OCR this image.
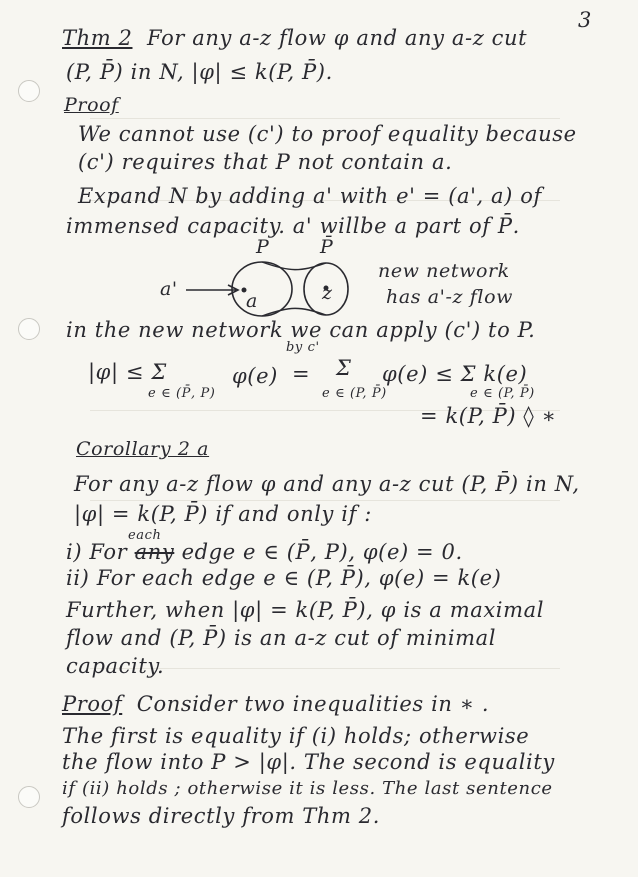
3
Thm 2 For any a-z flow φ and any a-z cut
(P, P̄) in N, |φ| ≤ k(P, P̄).
Proof
We cannot use (c') to proof equality because
(c') requires that P not contain a.
Expand N by adding a' with e' = (a', a) of
immensed capacity. a' willbe a part of P̄.
P	P̄
a'
a	z
new network
has a'-z flow
in the new network we can apply (c') to P.
by c'
|φ| ≤ Σ
e ∈ (P̄, P)
φ(e) = Σ
e ∈ (P, P̄)
φ(e) ≤ Σ k(e)
e ∈ (P, P̄)
= k(P, P̄) ◊ ∗
Corollary 2 a
For any a-z flow φ and any a-z cut (P, P̄) in N,
|φ| = k(P, P̄) if and only if :
each
i) For any edge e ∈ (P̄, P), φ(e) = 0.
ii) For each edge e ∈ (P, P̄), φ(e) = k(e)
Further, when |φ| = k(P, P̄), φ is a maximal
flow and (P, P̄) is an a-z cut of minimal
capacity.
Proof Consider two inequalities in ∗ .
The first is equality if (i) holds; otherwise
the flow into P > |φ|. The second is equality
if (ii) holds ; otherwise it is less. The last sentence
follows directly from Thm 2.
